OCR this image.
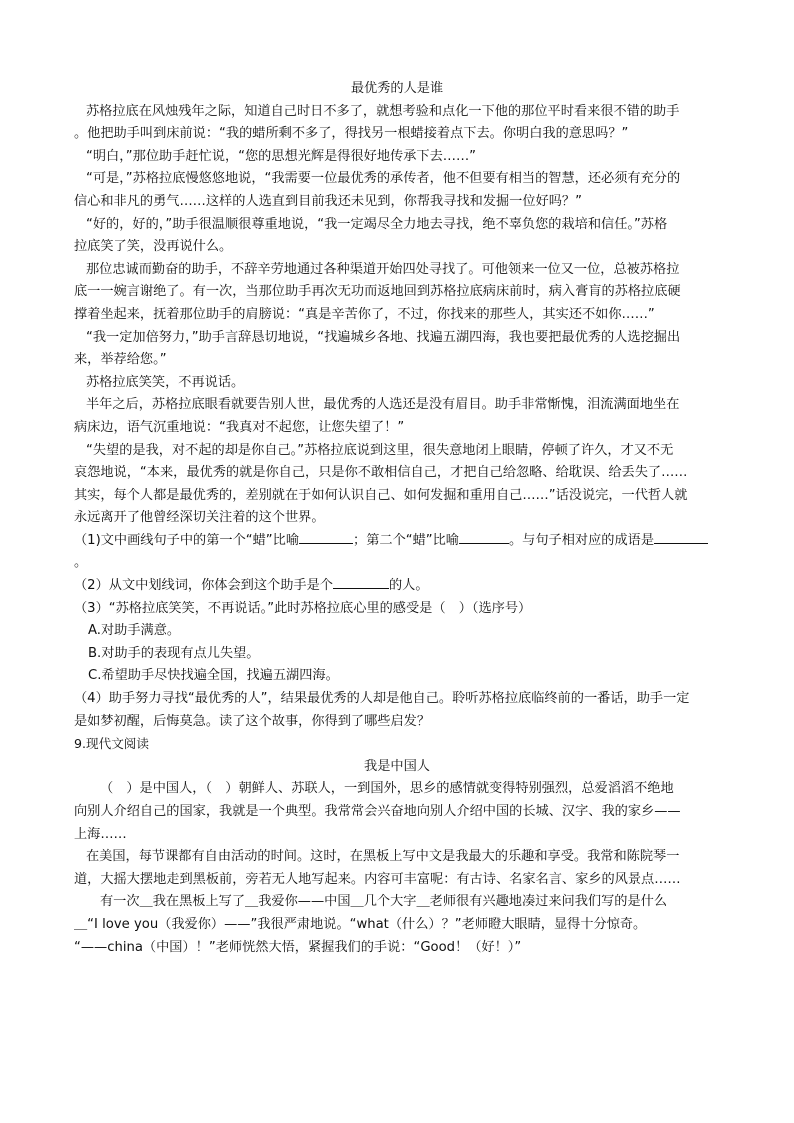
最优秀的人是谁
苏格拉底在风烛残年之际，知道自己时日不多了，就想考验和点化一下他的那位平时看来很不错的助手
。他把助手叫到床前说：“我的蜡所剩不多了，得找另一根蜡接着点下去。你明白我的意思吗？”
“明白，”那位助手赶忙说，“您的思想光辉是得很好地传承下去……”
“可是，”苏格拉底慢悠悠地说，“我需要一位最优秀的承传者，他不但要有相当的智慧，还必须有充分的
信心和非凡的勇气……这样的人选直到目前我还未见到，你帮我寻找和发掘一位好吗？”
“好的，好的，”助手很温顺很尊重地说，“我一定竭尽全力地去寻找，绝不辜负您的栽培和信任。”苏格
拉底笑了笑，没再说什么。
那位忠诚而勤奋的助手，不辞辛劳地通过各种渠道开始四处寻找了。可他领来一位又一位，总被苏格拉
底一一婉言谢绝了。有一次，当那位助手再次无功而返地回到苏格拉底病床前时，病入膏肓的苏格拉底硬
撑着坐起来，抚着那位助手的肩膀说：“真是辛苦你了，不过，你找来的那些人，其实还不如你……”
“我一定加倍努力，”助手言辞恳切地说，“找遍城乡各地、找遍五湖四海，我也要把最优秀的人选挖掘出
来，举荐给您。”
苏格拉底笑笑，不再说话。
半年之后，苏格拉底眼看就要告别人世，最优秀的人选还是没有眉目。助手非常惭愧，泪流满面地坐在
病床边，语气沉重地说：“我真对不起您，让您失望了！”
“失望的是我，对不起的却是你自己。”苏格拉底说到这里，很失意地闭上眼睛，停顿了许久，才又不无
哀怨地说，“本来，最优秀的就是你自己，只是你不敢相信自己，才把自己给忽略、给耽误、给丢失了……
其实，每个人都是最优秀的，差别就在于如何认识自己、如何发掘和重用自己……”话没说完，一代哲人就
永远离开了他曾经深切关注着的这个世界。
（1)文中画线句子中的第一个“蜡”比喻	；第二个“蜡”比喻	。与句子相对应的成语是
。
（2）从文中划线词，你体会到这个助手是个	的人。
（3）“苏格拉底笑笑，不再说话。”此时苏格拉底心里的感受是（　）（选序号）
A.对助手满意。
B.对助手的表现有点儿失望。
C.希望助手尽快找遍全国，找遍五湖四海。
（4）助手努力寻找“最优秀的人”，结果最优秀的人却是他自己。聆听苏格拉底临终前的一番话，助手一定
是如梦初醒，后悔莫急。读了这个故事，你得到了哪些启发？
9.现代文阅读
我是中国人
（　）是中国人，（　）朝鲜人、苏联人，一到国外，思乡的感情就变得特别强烈，总爱滔滔不绝地
向别人介绍自己的国家，我就是一个典型。我常常会兴奋地向别人介绍中国的长城、汉字、我的家乡——
上海……
在美国，每节课都有自由活动的时间。这时，在黑板上写中文是我最大的乐趣和享受。我常和陈院琴一
道，大摇大摆地走到黑板前，旁若无人地写起来。内容可丰富呢：有古诗、名家名言、家乡的风景点……
有一次＿我在黑板上写了＿我爱你——中国＿几个大字＿老师很有兴趣地凑过来问我们写的是什么
＿“I love you（我爱你）——”我很严肃地说。“what（什么）？”老师瞪大眼睛，显得十分惊奇。
“——china（中国）！”老师恍然大悟，紧握我们的手说：“Good！（好！）”
